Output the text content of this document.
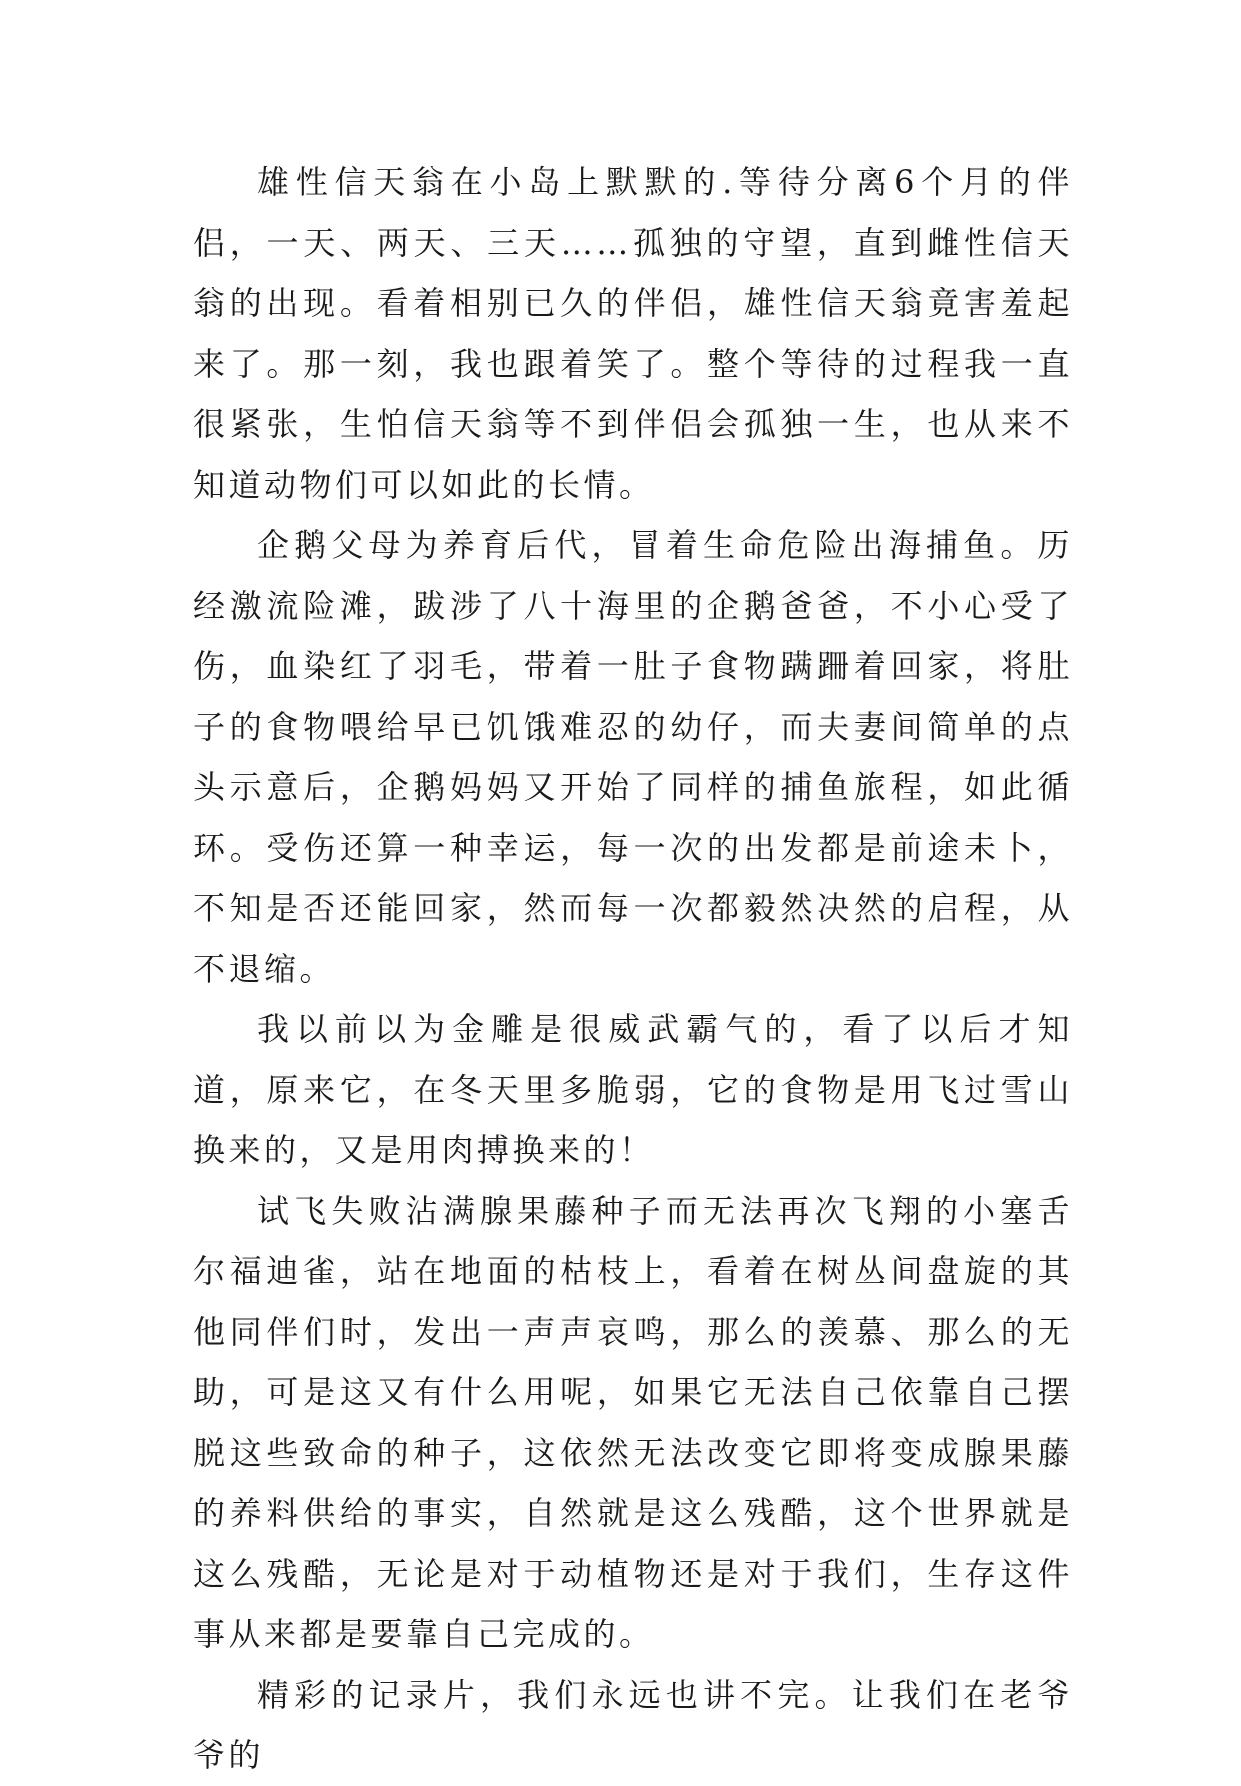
雄性信天翁在小岛上默默的.等待分离6个月的伴侣，一天、两天、三天……孤独的守望，直到雌性信天翁的出现。看着相别已久的伴侣，雄性信天翁竟害羞起来了。那一刻，我也跟着笑了。整个等待的过程我一直很紧张，生怕信天翁等不到伴侣会孤独一生，也从来不知道动物们可以如此的长情。

企鹅父母为养育后代，冒着生命危险出海捕鱼。历经激流险滩，跋涉了八十海里的企鹅爸爸，不小心受了伤，血染红了羽毛，带着一肚子食物蹒跚着回家，将肚子的食物喂给早已饥饿难忍的幼仔，而夫妻间简单的点头示意后，企鹅妈妈又开始了同样的捕鱼旅程，如此循环。受伤还算一种幸运，每一次的出发都是前途未卜，不知是否还能回家，然而每一次都毅然决然的启程，从不退缩。

我以前以为金雕是很威武霸气的，看了以后才知道，原来它，在冬天里多脆弱，它的食物是用飞过雪山换来的，又是用肉搏换来的！

试飞失败沾满腺果藤种子而无法再次飞翔的小塞舌尔福迪雀，站在地面的枯枝上，看着在树丛间盘旋的其他同伴们时，发出一声声哀鸣，那么的羡慕、那么的无助，可是这又有什么用呢，如果它无法自己依靠自己摆脱这些致命的种子，这依然无法改变它即将变成腺果藤的养料供给的事实，自然就是这么残酷，这个世界就是这么残酷，无论是对于动植物还是对于我们，生存这件事从来都是要靠自己完成的。

精彩的记录片，我们永远也讲不完。让我们在老爷爷的
